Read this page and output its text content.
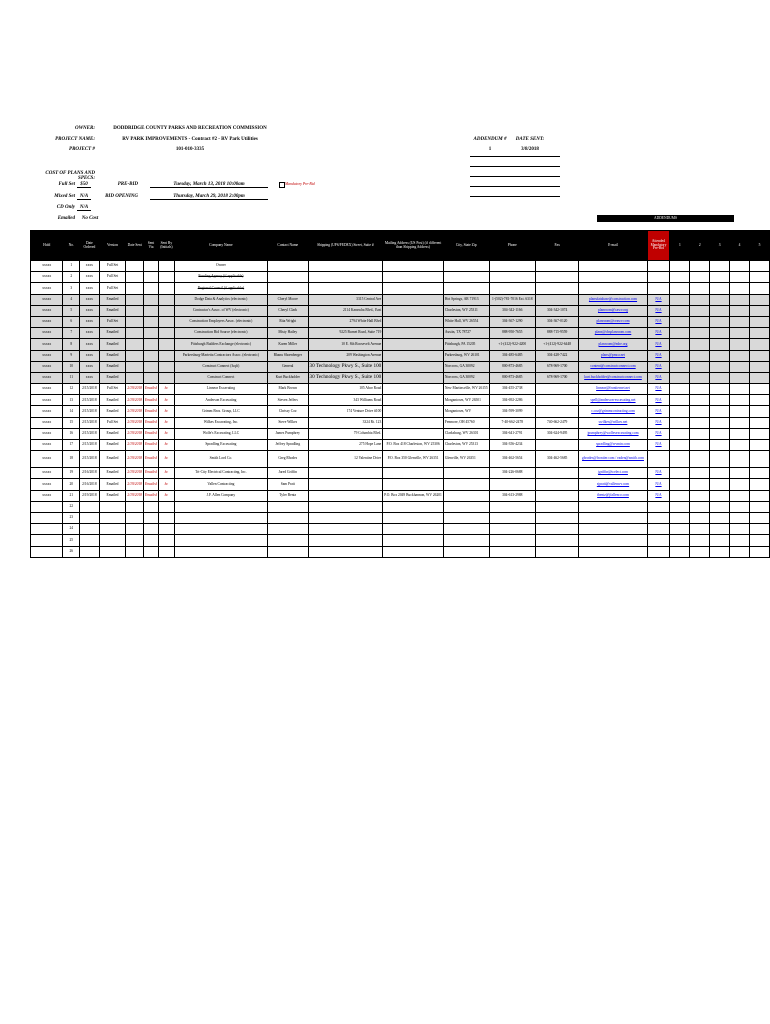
OWNER:	DODDRIDGE COUNTY PARKS AND RECREATION COMMISSION
PROJECT NAME:	RV PARK IMPROVEMENTS - Contract #2 - RV Park Utilities
PROJECT #	101-010-3335
ADDENDUM #	DATE SENT:
1	3/8/2018
COST OF PLANS AND SPECS:
Full Set	$50
Mixed Set N/A
CD Only N/A
Emailed	No Cost
PRE-BID	Tuesday, March 13, 2018 10:00am
BID OPENING	Thursday, March 29, 2018 2:00pm
Mandatory Pre-Bid
ADDENDUMS
Hold	No.	Date Ordered	Version	Date Sent	Sent Via	Sent By (Initials)	Company Name	Contact Name	Shipping (UPS/FEDEX) Street, Suite #	Mailing Address (US Post) (if different than Shipping Address)	City, State Zip	Phone	Fax	E-mail	Attended Mandatory Pre-Bid	1	2	3	4	5
xxxxx	1	xxxx	Full Set				Owner													
xxxxx	2	xxxx	Full Set				Funding Agency (if applicable)													
xxxxx	3	xxxx	Full Set				Regional Council (if applicable)													
xxxxx	4	xxxx	Emailed				Dodge Data & Analytics (electronic)	Cheryl Moore	3315 Central Ave		Hot Springs, AR 71913	1-(502)-781-7016 Ext. 6318		plansdatabase@construction.com	N/A					
xxxxx	5	xxxx	Emailed				Contractor's Assoc. of WV (electronic)	Cheryl Clark	2114 Kanawha Blvd., East		Charleston, WV 25311	304-342-1166	304-342-1074	planroom@cawv.org	N/A					
xxxxx	6	xxxx	Full Set				Construction Employers Assoc. (electronic)	Rita Wright	2794 White Hall Blvd		White Hall, WV 26554	304-367-1290	304-367-0120	planroom@ceawv.com	N/A					
xxxxx	7	xxxx	Emailed				Construction Bid Source (electronic)	Misty Hailey	9225 Burnet Road, Suite 719		Austin, TX 78727	888-950-7655	888-715-9559	plans@cbsplanroom.com	N/A					
xxxxx	8	xxxx	Emailed				Pittsburgh Builders Exchange (electronic)	Karen Miller	10 E. 8th Roosevelt Avenue		Pittsburgh, PA 15205	+1-(412)-922-4200	+1-(412)-922-6448	planroom@mbe.org	N/A					
xxxxx	9	xxxx	Emailed				Parkersburg-Marietta Contractors Assoc. (electronic)	Bhanu Shoenberger	209 Washington Avenue		Parkersburg, WV 26101	304-485-6485	304-428-7422	plans@pmca.net	N/A					
xxxxx	10	xxxx	Emailed				Construct Connect (Isqft)	General	30 Technology Pkwy S., Suite 100		Norcross, GA 30092	800-873-4685	678-969-1700	content@constructconnect.com	N/A					
xxxxx	11	xxxx	Emailed				Construct Connect	Kurt Buckholder	30 Technology Pkwy S., Suite 100		Norcross, GA 30092	800-873-4685	678-969-1700	kurt.buckholder@constructconnect.com	N/A					
xxxxx	12	2/15/2018	Full Set	2/19/2018	Emailed	hc	Linnear Excavating	Mark Brown	105 Abor Road		New Martinsville, WV 26155	304-455-2738		linnear@frontiernet.net	N/A					
xxxxx	13	2/15/2018	Emailed	2/19/2018	Emailed	hc	Anderson Excavating	Steven Jeffers	343 Williams Road		Morgantown, WV 26501	304-692-2286		spell@anderson-excavating.net	N/A					
xxxxx	14	2/15/2018	Emailed	2/19/2018	Emailed	hc	Grimm Bros. Group, LLC	Chrissy Coz	174 Venture Drive #100		Morgantown, WV	304-599-3099		c.coz@grimmcontracting.com	N/A					
xxxxx	15	2/15/2018	Full Set	2/19/2018	Emailed	hc	Wilkes Excavating, Inc.	Steve Wilkes	3324 Rt. 123		Fenmore, OH 45760	7-40-662-2478	740-662-2479	swilkes@wilkes.net	N/A					
xxxxx	16	2/15/2018	Emailed	2/19/2018	Emailed	hc	Wolfe's Excavating, LLC	James Pumphrey	79 Columbia Blvd.		Clarksburg, WV 26301	304-641-2791	304-624-9495	jpumphrey@wolfesexcavating.com	N/A					
xxxxx	17	2/15/2018	Emailed	2/19/2018	Emailed	hc	Spradling Excavating	Jeffrey Spradling	275 Hope Lane	P.O. Box 418 Charleston, WV 25306	Charleston, WV 25313	304-356-4234		spradling@wvmin.com	N/A					
xxxxx	18	2/15/2018	Emailed	2/19/2018	Emailed	hc	Smith Lord Co.	Greg Rhodes	12 Valentine Drive	P.O. Box 350 Glenville, WV 26351	Glenville, WV 26351	304-462-5654	304-462-5685	gbrodes@frontier.com / eaden@smith.com						
xxxxx	19	2/16/2018	Emailed	2/19/2018	Emailed	hc	Tri-City Electrical Contracting, Inc.	Jared Griffin				304-226-0688		jgriffin@tcelect.com	N/A					
xxxxx	20	2/16/2018	Emailed	2/19/2018	Emailed	hc	Vallen Contracting	Sam Pratt						sjpratt@vallenwv.com	N/A					
xxxxx	21	2/19/2018	Emailed	2/19/2018	Emailed	hc	J.F. Allen Company	Tyler Bentz		P.O. Box 2049 Buckhannon, WV 26201		304-613-2988		tbentz@jfallenco.com	N/A					
	22																			
	23																			
	24																			
	25																			
	26																			
